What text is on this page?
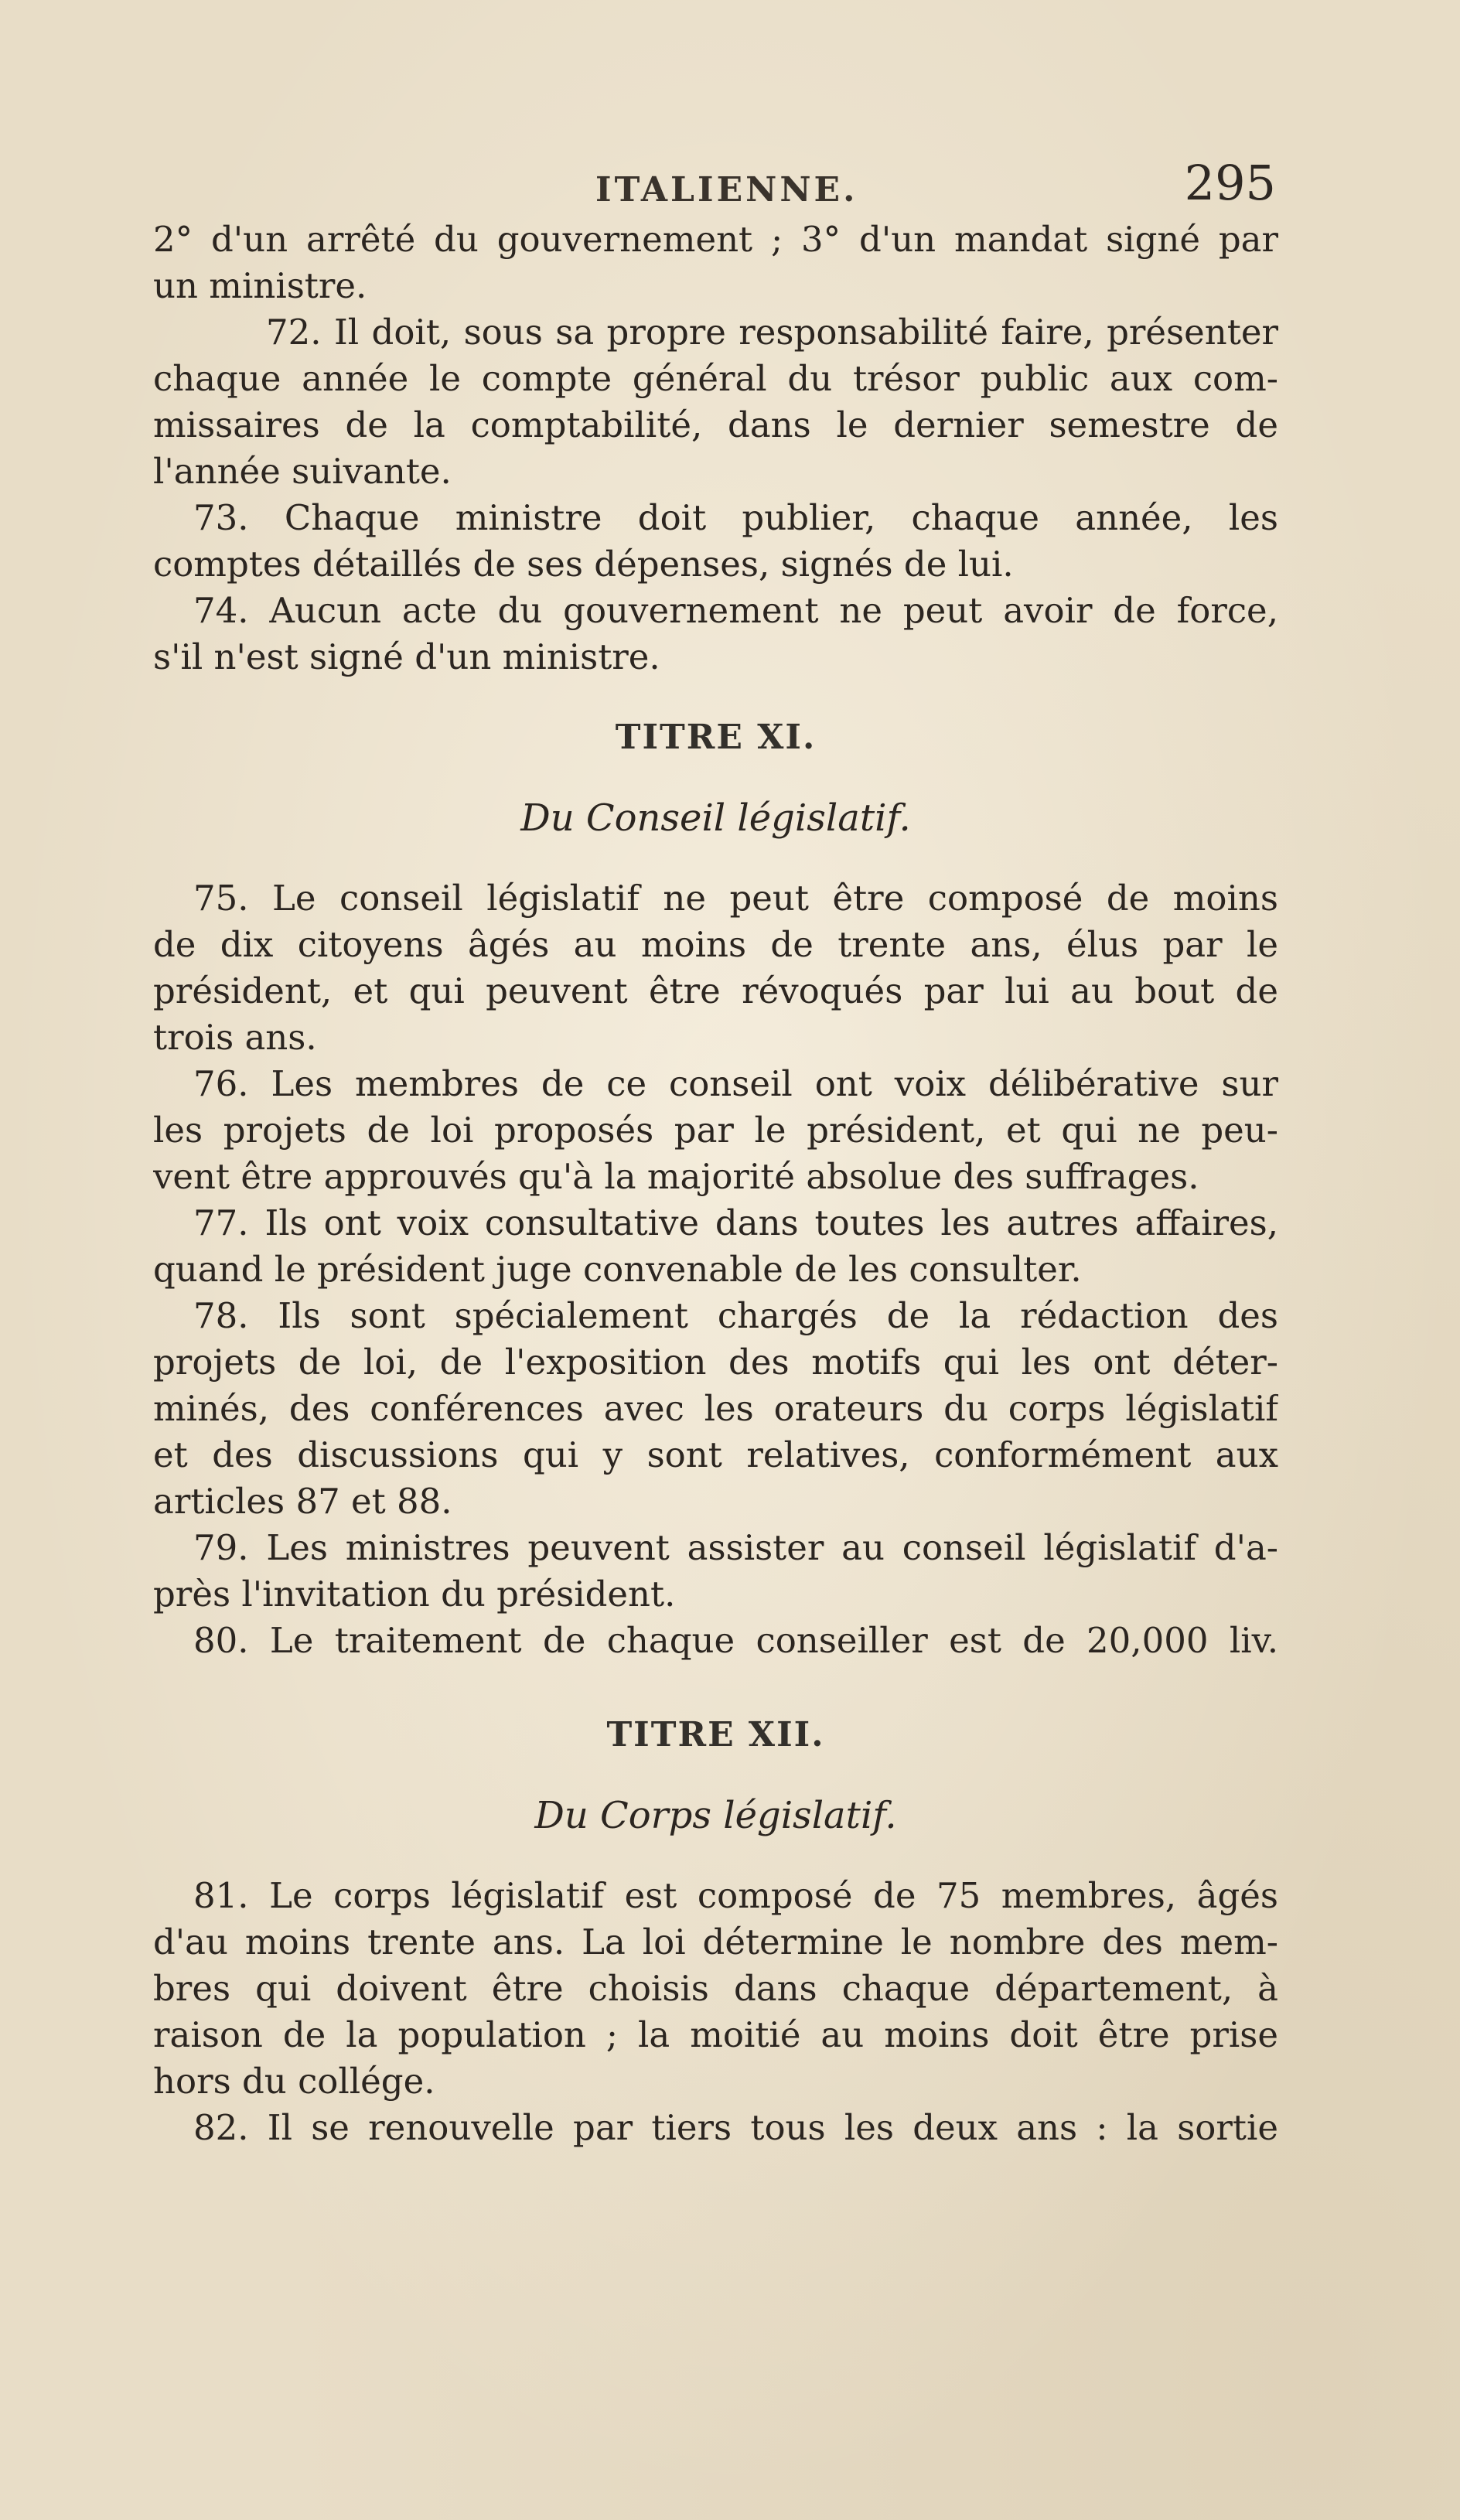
ITALIENNE.	295
2° d'un arrêté du gouvernement ; 3° d'un mandat signé par
un ministre.
72. Il doit, sous sa propre responsabilité faire, présenter
chaque année le compte général du trésor public aux com-
missaires de la comptabilité, dans le dernier semestre de
l'année suivante.
73. Chaque ministre doit publier, chaque année, les
comptes détaillés de ses dépenses, signés de lui.
74. Aucun acte du gouvernement ne peut avoir de force,
s'il n'est signé d'un ministre.
TITRE XI.
Du Conseil législatif.
75. Le conseil législatif ne peut être composé de moins
de dix citoyens âgés au moins de trente ans, élus par le
président, et qui peuvent être révoqués par lui au bout de
trois ans.
76. Les membres de ce conseil ont voix délibérative sur
les projets de loi proposés par le président, et qui ne peu-
vent être approuvés qu'à la majorité absolue des suffrages.
77. Ils ont voix consultative dans toutes les autres affaires,
quand le président juge convenable de les consulter.
78. Ils sont spécialement chargés de la rédaction des
projets de loi, de l'exposition des motifs qui les ont déter-
minés, des conférences avec les orateurs du corps législatif
et des discussions qui y sont relatives, conformément aux
articles 87 et 88.
79. Les ministres peuvent assister au conseil législatif d'a-
près l'invitation du président.
80. Le traitement de chaque conseiller est de 20,000 liv.
TITRE XII.
Du Corps législatif.
81. Le corps législatif est composé de 75 membres, âgés
d'au moins trente ans. La loi détermine le nombre des mem-
bres qui doivent être choisis dans chaque département, à
raison de la population ; la moitié au moins doit être prise
hors du collége.
82. Il se renouvelle par tiers tous les deux ans : la sortie
